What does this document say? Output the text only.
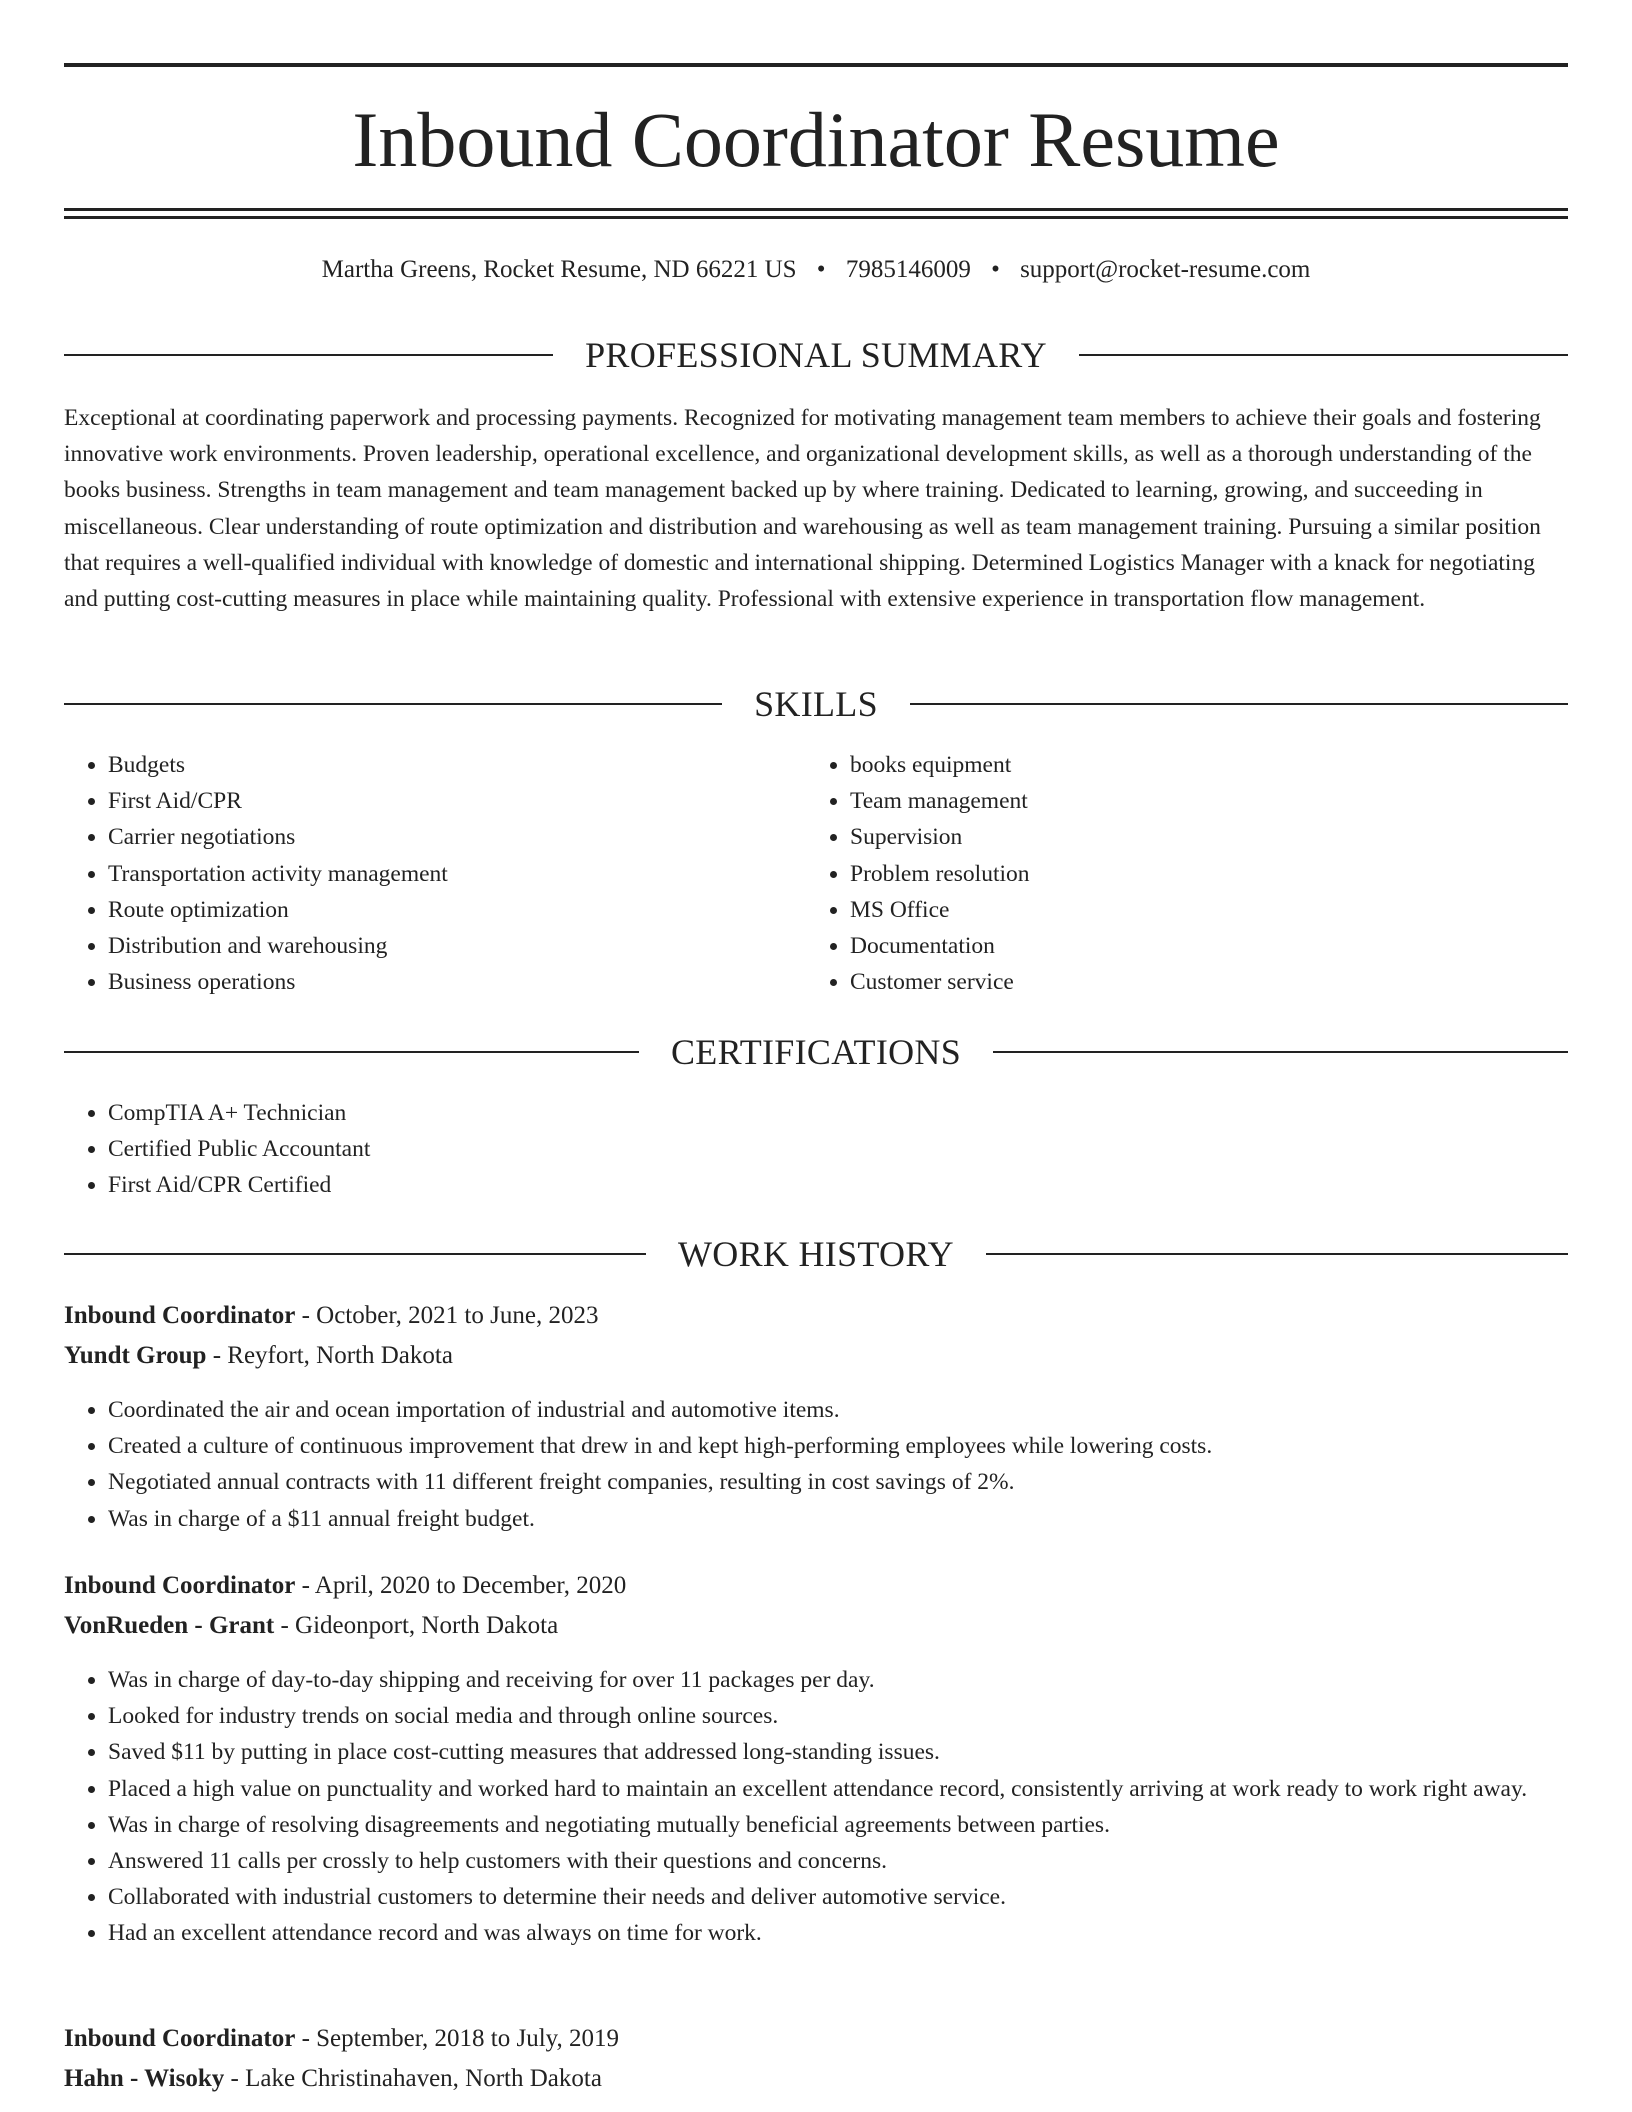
Inbound Coordinator Resume
Martha Greens, Rocket Resume, ND 66221 US • 7985146009 • support@rocket-resume.com
PROFESSIONAL SUMMARY

Exceptional at coordinating paperwork and processing payments. Recognized for motivating management team members to achieve their goals and fostering innovative work environments. Proven leadership, operational excellence, and organizational development skills, as well as a thorough understanding of the books business. Strengths in team management and team management backed up by where training. Dedicated to learning, growing, and succeeding in miscellaneous. Clear understanding of route optimization and distribution and warehousing as well as team management training. Pursuing a similar position that requires a well-qualified individual with knowledge of domestic and international shipping. Determined Logistics Manager with a knack for negotiating and putting cost-cutting measures in place while maintaining quality. Professional with extensive experience in transportation flow management.

SKILLS
• Budgets
• First Aid/CPR
• Carrier negotiations
• Transportation activity management
• Route optimization
• Distribution and warehousing
• Business operations
• books equipment
• Team management
• Supervision
• Problem resolution
• MS Office
• Documentation
• Customer service
CERTIFICATIONS
• CompTIA A+ Technician
• Certified Public Accountant
• First Aid/CPR Certified
WORK HISTORY
Inbound Coordinator - October, 2021 to June, 2023
Yundt Group - Reyfort, North Dakota
• Coordinated the air and ocean importation of industrial and automotive items.
• Created a culture of continuous improvement that drew in and kept high-performing employees while lowering costs.
• Negotiated annual contracts with 11 different freight companies, resulting in cost savings of 2%.
• Was in charge of a $11 annual freight budget.
Inbound Coordinator - April, 2020 to December, 2020
VonRueden - Grant - Gideonport, North Dakota
• Was in charge of day-to-day shipping and receiving for over 11 packages per day.
• Looked for industry trends on social media and through online sources.
• Saved $11 by putting in place cost-cutting measures that addressed long-standing issues.
• Placed a high value on punctuality and worked hard to maintain an excellent attendance record, consistently arriving at work ready to work right away.
• Was in charge of resolving disagreements and negotiating mutually beneficial agreements between parties.
• Answered 11 calls per crossly to help customers with their questions and concerns.
• Collaborated with industrial customers to determine their needs and deliver automotive service.
• Had an excellent attendance record and was always on time for work.
Inbound Coordinator - September, 2018 to July, 2019
Hahn - Wisoky - Lake Christinahaven, North Dakota
